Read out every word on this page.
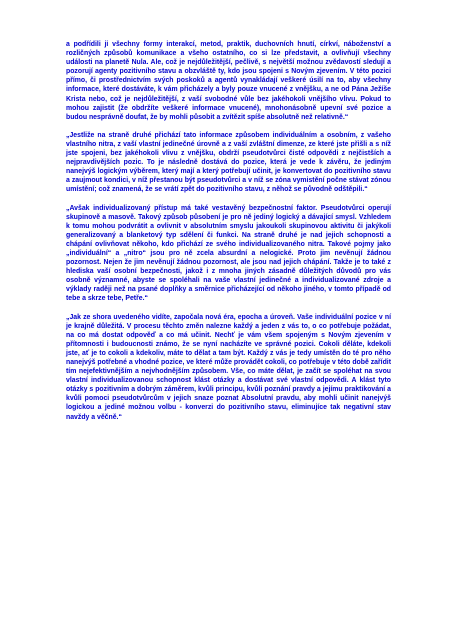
a podřídili ji všechny formy interakcí, metod, praktik, duchovních hnutí, církví, náboženství a rozličných způsobů komunikace a všeho ostatního, co si lze představit, a ovlivňují všechny události na planetě Nula. Ale, což je nejdůležitější, pečlivě, s největší možnou zvědavostí sledují a pozorují agenty pozitivního stavu a obzvláště ty, kdo jsou spojeni s Novým zjevením. V této pozici přímo, či prostřednictvím svých poskoků a agentů vynakládají veškeré úsilí na to, aby všechny informace, které dostáváte, k vám přicházely a byly pouze vnucené z vnějšku, a ne od Pána Ježíše Krista nebo, což je nejdůležitější, z vaší svobodné vůle bez jakéhokoli vnějšího vlivu. Pokud to mohou zajistit (že obdržíte veškeré informace vnucené), mnohonásobně upevní své pozice a budou nesprávně doufat, že by mohli působit a zvítězit spíše absolutně než relativně.“

„Jestliže na straně druhé přichází tato informace způsobem individuálním a osobním, z vašeho vlastního nitra, z vaší vlastní jedinečné úrovně a z vaší zvláštní dimenze, ze které jste přišli a s níž jste spojeni, bez jakéhokoli vlivu z vnějšku, obdrží pseudotvůrci čisté odpovědi z nejčistších a nejpravdivějších pozic. To je následně dostává do pozice, která je vede k závěru, že jediným nanejvýš logickým výběrem, který mají a který potřebují učinit, je konvertovat do pozitivního stavu a zaujmout kondici, v níž přestanou být pseudotvůrci a v níž se zóna vymistění počne stávat zónou umístění; což znamená, že se vrátí zpět do pozitivního stavu, z něhož se původně odštěpili.“

„Avšak individualizovaný přístup má také vestavěný bezpečnostní faktor. Pseudotvůrci operují skupinově a masově. Takový způsob působení je pro ně jediný logický a dávající smysl. Vzhledem k tomu mohou podvrátit a ovlivnit v absolutním smyslu jakoukoli skupinovou aktivitu či jakýkoli generalizovaný a blanketový typ sdělení či funkci. Na straně druhé je nad jejich schopnosti a chápání ovlivňovat někoho, kdo přichází ze svého individualizovaného nitra. Takové pojmy jako „individuální“ a „nitro“ jsou pro ně zcela absurdní a nelogické. Proto jim nevěnují žádnou pozornost. Nejen že jim nevěnují žádnou pozornost, ale jsou nad jejich chápání. Takže je to také z hlediska vaší osobní bezpečnosti, jakož i z mnoha jiných zásadně důležitých důvodů pro vás osobně významné, abyste se spoléhali na vaše vlastní jedinečné a individualizované zdroje a výklady raději než na psané doplňky a směrnice přicházející od někoho jiného, v tomto případě od tebe a skrze tebe, Petře.“

„Jak ze shora uvedeného vidíte, započala nová éra, epocha a úroveň. Vaše individuální pozice v ní je krajně důležitá. V procesu těchto změn nalezne každý a jeden z vás to, o co potřebuje požádat, na co má dostat odpověď a co má učinit. Nechť je vám všem spojeným s Novým zjevením v přítomnosti i budoucnosti známo, že se nyní nacházíte ve správné pozici. Cokoli děláte, kdekoli jste, ať je to cokoli a kdekoliv, máte to dělat a tam být. Každý z vás je tedy umístěn do té pro něho nanejvýš potřebné a vhodné pozice, ve které může provádět cokoli, co potřebuje v této době zařídit tím nejefektivnějším a nejvhodnějším způsobem. Vše, co máte dělat, je začít se spoléhat na svou vlastní individualizovanou schopnost klást otázky a dostávat své vlastní odpovědi. A klást tyto otázky s pozitivním a dobrým záměrem, kvůli principu, kvůli poznání pravdy a jejímu praktikování a kvůli pomoci pseudotvůrcům v jejich snaze poznat Absolutní pravdu, aby mohli učinit nanejvýš logickou a jediné možnou volbu - konverzi do pozitivního stavu, eliminujíce tak negativní stav navždy a věčně.“
